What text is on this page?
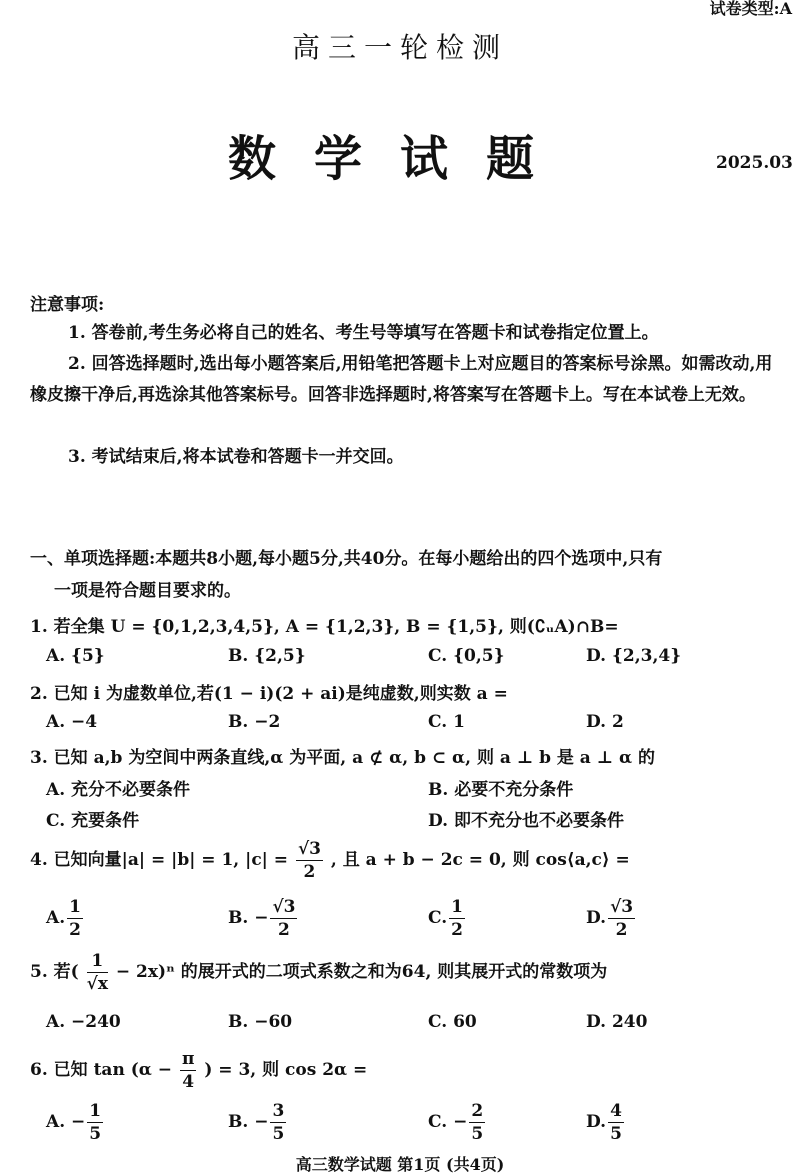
试卷类型:A
高三一轮检测
数学试题	2025.03
注意事项:

1. 答卷前,考生务必将自己的姓名、考生号等填写在答题卡和试卷指定位置上。

2. 回答选择题时,选出每小题答案后,用铅笔把答题卡上对应题目的答案标号涂黑。如需改动,用橡皮擦干净后,再选涂其他答案标号。回答非选择题时,将答案写在答题卡上。写在本试卷上无效。

3. 考试结束后,将本试卷和答题卡一并交回。

一、单项选择题:本题共8小题,每小题5分,共40分。在每小题给出的四个选项中,只有
一项是符合题目要求的。
1. 若全集 U = {0,1,2,3,4,5}, A = {1,2,3}, B = {1,5}, 则(∁ᵤA)∩B=
A. {5}	B. {2,5}	C. {0,5}	D. {2,3,4}
2. 已知 i 为虚数单位,若(1 − i)(2 + ai)是纯虚数,则实数 a =
A. −4	B. −2	C. 1	D. 2
3. 已知 a,b 为空间中两条直线,α 为平面, a ⊄ α, b ⊂ α, 则 a ⊥ b 是 a ⊥ α 的
A. 充分不必要条件	B. 必要不充分条件
C. 充要条件	D. 即不充分也不必要条件
4. 已知向量|a| = |b| = 1, $|c| = \frac{√3}{2}$ , 且 a + b − 2c = 0, 则 cos⟨a,c⟩ =
A. $\frac{1}{2}$	B. − $\frac{√3}{2}$	C. $\frac{1}{2}$	D. $\frac{√3}{2}$
5. 若( $\frac{1}{√x} - 2x)^n$ 的展开式的二项式系数之和为64, 则其展开式的常数项为
A. −240	B. −60	C. 60	D. 240
6. 已知 $\tan (\alpha - \frac{\pi}{4}$ ) = 3, 则 cos 2α =
A. − $\frac{1}{5}$	B. − $\frac{3}{5}$	C. − $\frac{2}{5}$	D. $\frac{4}{5}$
高三数学试题 第1页 (共4页)
